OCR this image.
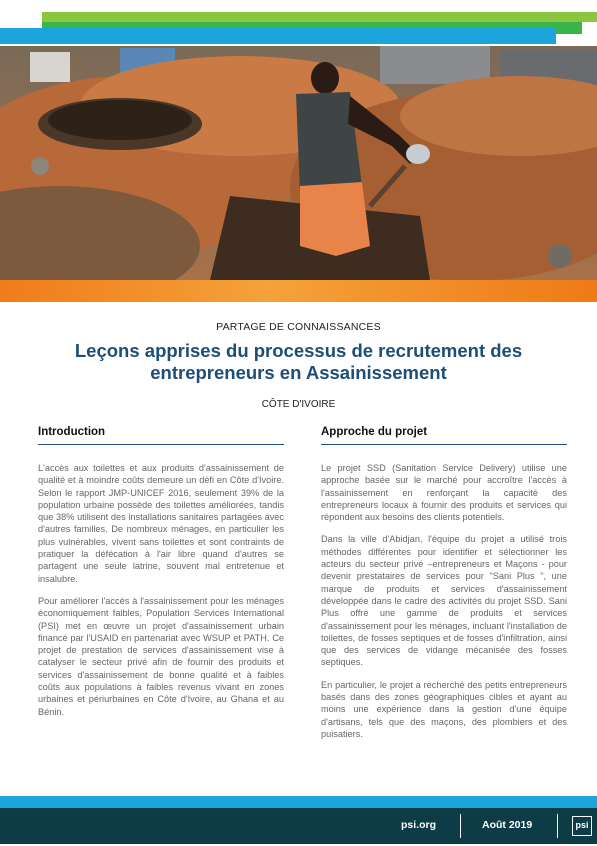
PARTAGE DE CONNAISSANCES
Leçons apprises du processus de recrutement des entrepreneurs en Assainissement
CÔTE D'IVOIRE
Introduction

L'accès aux toilettes et aux produits d'assainissement de qualité et à moindre coûts demeure un défi en Côte d'Ivoire. Selon le rapport JMP-UNICEF 2016, seulement 39% de la population urbaine possède des toilettes améliorées, tandis que 38% utilisent des installations sanitaires partagées avec d'autres familles. De nombreux ménages, en particulier les plus vulnérables, vivent sans toilettes et sont contraints de pratiquer la défécation à l'air libre quand d'autres se partagent une seule latrine, souvent mal entretenue et insalubre.

Pour améliorer l'accès à l'assainissement pour les ménages économiquement faibles, Population Services International (PSI) met en œuvre un projet d'assainissement urbain financé par l'USAID en partenariat avec WSUP et PATH. Ce projet de prestation de services d'assainissement vise à catalyser le secteur privé afin de fournir des produits et services d'assainissement de bonne qualité et à faibles coûts aux populations à faibles revenus vivant en zones urbaines et périurbaines en Côte d'Ivoire, au Ghana et au Bénin.

Approche du projet

Le projet SSD (Sanitation Service Delivery) utilise une approche basée sur le marché pour accroître l'accès à l'assainissement en renforçant la capacité des entrepreneurs locaux à fournir des produits et services qui répondent aux besoins des clients potentiels.

Dans la ville d'Abidjan, l'équipe du projet a utilisé trois méthodes différentes pour identifier et sélectionner les acteurs du secteur privé –entrepreneurs et Maçons - pour devenir prestataires de services pour "Sani Plus ", une marque de produits et services d'assainissement développée dans le cadre des activités du projet SSD. Sani Plus offre une gamme de produits et services d'assainissement pour les ménages, incluant l'installation de toilettes, de fosses septiques et de fosses d'infiltration, ainsi que des services de vidange mécanisée des fosses septiques.

En particulier, le projet a recherché des petits entrepreneurs basés dans des zones géographiques cibles et ayant au moins une expérience dans la gestion d'une équipe d'artisans, tels que des maçons, des plombiers et des puisatiers.

psi.org	Août 2019	psi
